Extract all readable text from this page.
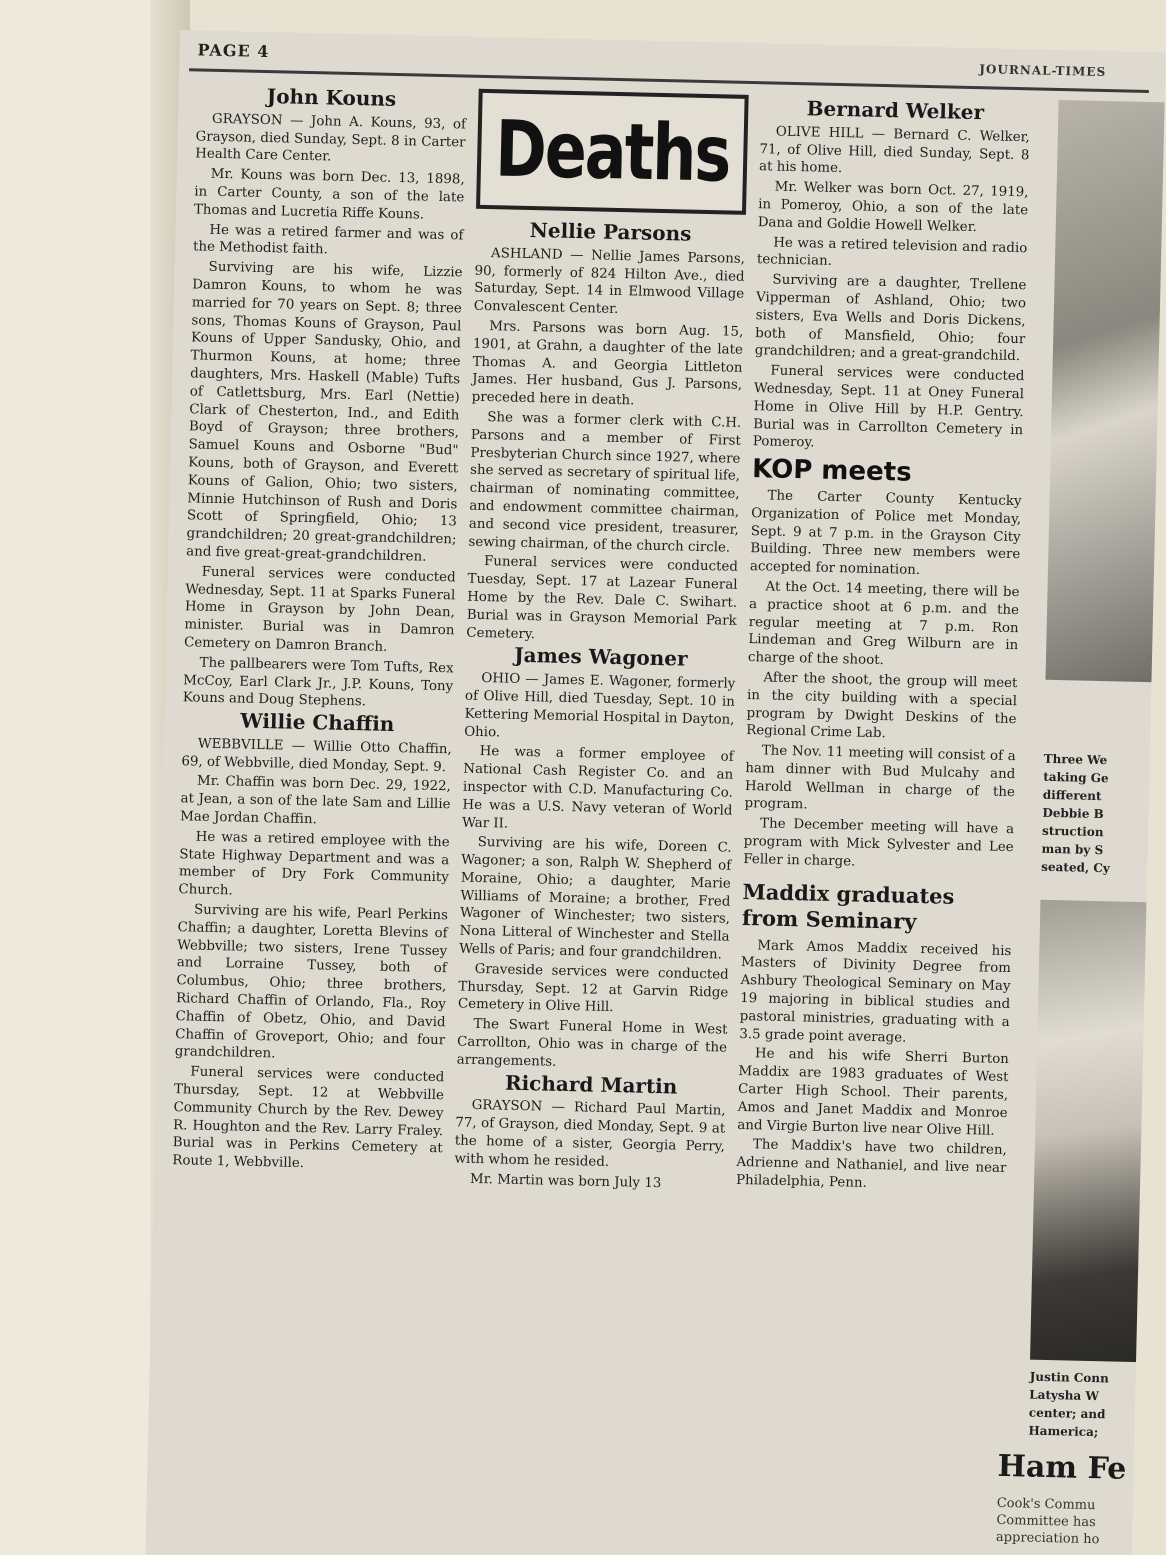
PAGE 4
JOURNAL-TIMES
John Kouns

GRAYSON — John A. Kouns, 93, of Grayson, died Sunday, Sept. 8 in Carter Health Care Center.

Mr. Kouns was born Dec. 13, 1898, in Carter County, a son of the late Thomas and Lucretia Riffe Kouns.

He was a retired farmer and was of the Methodist faith.

Surviving are his wife, Lizzie Damron Kouns, to whom he was married for 70 years on Sept. 8; three sons, Thomas Kouns of Grayson, Paul Kouns of Upper Sandusky, Ohio, and Thurmon Kouns, at home; three daughters, Mrs. Haskell (Mable) Tufts of Catlettsburg, Mrs. Earl (Nettie) Clark of Chesterton, Ind., and Edith Boyd of Grayson; three brothers, Samuel Kouns and Osborne "Bud" Kouns, both of Grayson, and Everett Kouns of Galion, Ohio; two sisters, Minnie Hutchinson of Rush and Doris Scott of Springfield, Ohio; 13 grandchildren; 20 great-grandchildren; and five great-great-grandchildren.

Funeral services were conducted Wednesday, Sept. 11 at Sparks Funeral Home in Grayson by John Dean, minister. Burial was in Damron Cemetery on Damron Branch.

The pallbearers were Tom Tufts, Rex McCoy, Earl Clark Jr., J.P. Kouns, Tony Kouns and Doug Stephens.

Willie Chaffin

WEBBVILLE — Willie Otto Chaffin, 69, of Webbville, died Monday, Sept. 9.

Mr. Chaffin was born Dec. 29, 1922, at Jean, a son of the late Sam and Lillie Mae Jordan Chaffin.

He was a retired employee with the State Highway Department and was a member of Dry Fork Community Church.

Surviving are his wife, Pearl Perkins Chaffin; a daughter, Loretta Blevins of Webbville; two sisters, Irene Tussey and Lorraine Tussey, both of Columbus, Ohio; three brothers, Richard Chaffin of Orlando, Fla., Roy Chaffin of Obetz, Ohio, and David Chaffin of Groveport, Ohio; and four grandchildren.

Funeral services were conducted Thursday, Sept. 12 at Webbville Community Church by the Rev. Dewey R. Houghton and the Rev. Larry Fraley. Burial was in Perkins Cemetery at Route 1, Webbville.

Deaths
Nellie Parsons

ASHLAND — Nellie James Parsons, 90, formerly of 824 Hilton Ave., died Saturday, Sept. 14 in Elmwood Village Convalescent Center.

Mrs. Parsons was born Aug. 15, 1901, at Grahn, a daughter of the late Thomas A. and Georgia Littleton James. Her husband, Gus J. Parsons, preceded here in death.

She was a former clerk with C.H. Parsons and a member of First Presbyterian Church since 1927, where she served as secretary of spiritual life, chairman of nominating committee, and endowment committee chairman, and second vice president, treasurer, sewing chairman, of the church circle.

Funeral services were conducted Tuesday, Sept. 17 at Lazear Funeral Home by the Rev. Dale C. Swihart. Burial was in Grayson Memorial Park Cemetery.

James Wagoner

OHIO — James E. Wagoner, formerly of Olive Hill, died Tuesday, Sept. 10 in Kettering Memorial Hospital in Dayton, Ohio.

He was a former employee of National Cash Register Co. and an inspector with C.D. Manufacturing Co. He was a U.S. Navy veteran of World War II.

Surviving are his wife, Doreen C. Wagoner; a son, Ralph W. Shepherd of Moraine, Ohio; a daughter, Marie Williams of Moraine; a brother, Fred Wagoner of Winchester; two sisters, Nona Litteral of Winchester and Stella Wells of Paris; and four grandchildren.

Graveside services were conducted Thursday, Sept. 12 at Garvin Ridge Cemetery in Olive Hill.

The Swart Funeral Home in West Carrollton, Ohio was in charge of the arrangements.

Richard Martin

GRAYSON — Richard Paul Martin, 77, of Grayson, died Monday, Sept. 9 at the home of a sister, Georgia Perry, with whom he resided.

Mr. Martin was born July 13

Bernard Welker

OLIVE HILL — Bernard C. Welker, 71, of Olive Hill, died Sunday, Sept. 8 at his home.

Mr. Welker was born Oct. 27, 1919, in Pomeroy, Ohio, a son of the late Dana and Goldie Howell Welker.

He was a retired television and radio technician.

Surviving are a daughter, Trellene Vipperman of Ashland, Ohio; two sisters, Eva Wells and Doris Dickens, both of Mansfield, Ohio; four grandchildren; and a great-grandchild.

Funeral services were conducted Wednesday, Sept. 11 at Oney Funeral Home in Olive Hill by H.P. Gentry. Burial was in Carrollton Cemetery in Pomeroy.

KOP meets

The Carter County Kentucky Organization of Police met Monday, Sept. 9 at 7 p.m. in the Grayson City Building. Three new members were accepted for nomination.

At the Oct. 14 meeting, there will be a practice shoot at 6 p.m. and the regular meeting at 7 p.m. Ron Lindeman and Greg Wilburn are in charge of the shoot.

After the shoot, the group will meet in the city building with a special program by Dwight Deskins of the Regional Crime Lab.

The Nov. 11 meeting will consist of a ham dinner with Bud Mulcahy and Harold Wellman in charge of the program.

The December meeting will have a program with Mick Sylvester and Lee Feller in charge.

Maddix graduates from Seminary

Mark Amos Maddix received his Masters of Divinity Degree from Ashbury Theological Seminary on May 19 majoring in biblical studies and pastoral ministries, graduating with a 3.5 grade point average.

He and his wife Sherri Burton Maddix are 1983 graduates of West Carter High School. Their parents, Amos and Janet Maddix and Monroe and Virgie Burton live near Olive Hill.

The Maddix's have two children, Adrienne and Nathaniel, and live near Philadelphia, Penn.

Three We
taking Ge
different
Debbie B
struction
man by S
seated, Cy
Justin Conn
Latysha W
center; and
Hamerica;
Ham Fe
Cook's Commu Committee has appreciation ho
